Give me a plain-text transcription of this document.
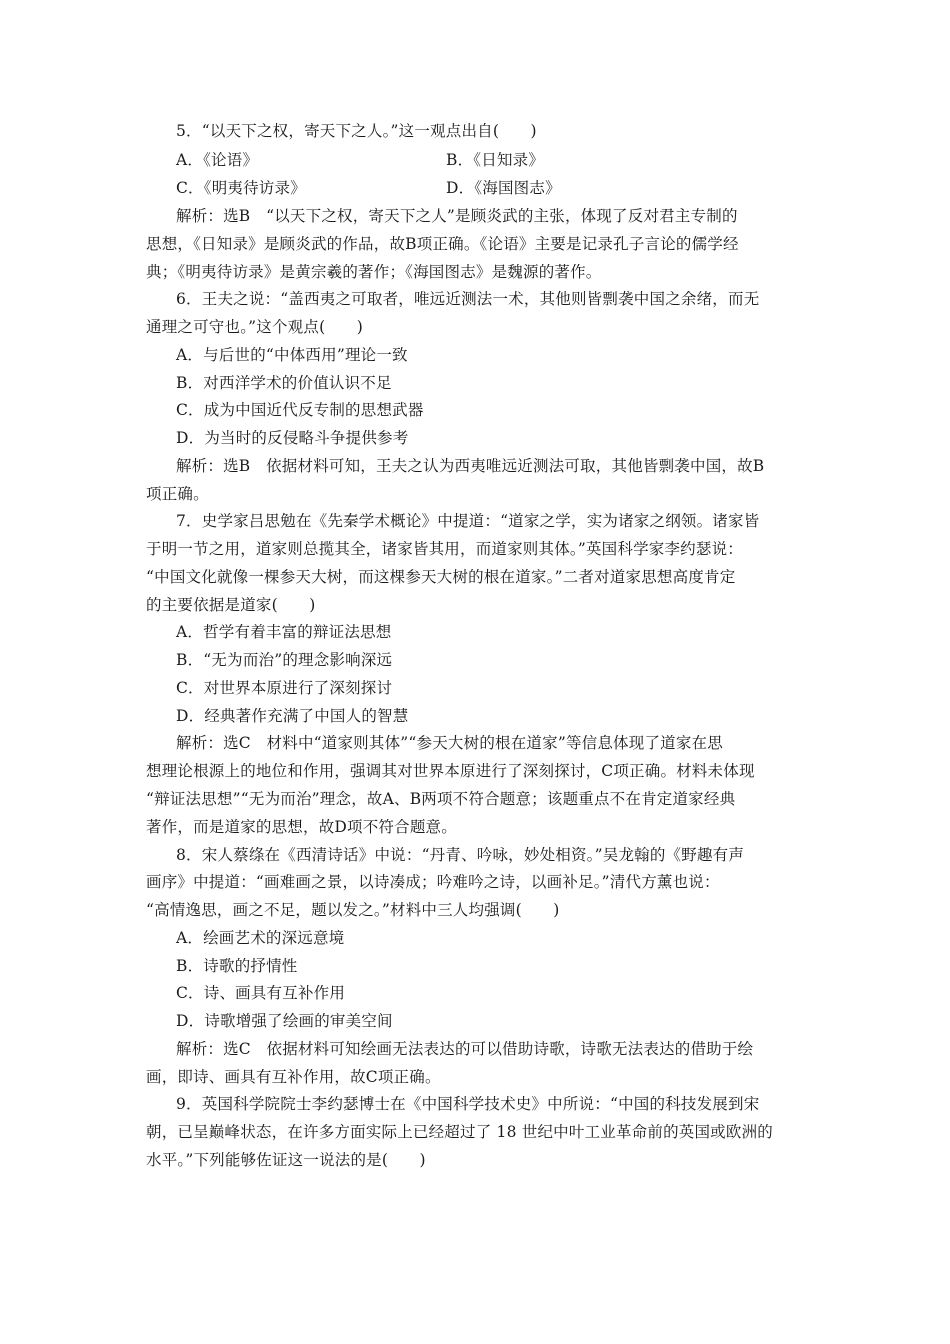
5．“以天下之权，寄天下之人。”这一观点出自(　　)
A．《论语》	B．《日知录》
C．《明夷待访录》	D．《海国图志》
解析：选B　“以天下之权，寄天下之人”是顾炎武的主张，体现了反对君主专制的
思想，《日知录》是顾炎武的作品，故B项正确。《论语》主要是记录孔子言论的儒学经
典；《明夷待访录》是黄宗羲的著作；《海国图志》是魏源的著作。
6．王夫之说：“盖西夷之可取者，唯远近测法一术，其他则皆剽袭中国之余绪，而无
通理之可守也。”这个观点(　　)
A．与后世的“中体西用”理论一致
B．对西洋学术的价值认识不足
C．成为中国近代反专制的思想武器
D．为当时的反侵略斗争提供参考
解析：选B　依据材料可知，王夫之认为西夷唯远近测法可取，其他皆剽袭中国，故B
项正确。
7．史学家吕思勉在《先秦学术概论》中提道：“道家之学，实为诸家之纲领。诸家皆
于明一节之用，道家则总揽其全，诸家皆其用，而道家则其体。”英国科学家李约瑟说：
“中国文化就像一棵参天大树，而这棵参天大树的根在道家。”二者对道家思想高度肯定
的主要依据是道家(　　)
A．哲学有着丰富的辩证法思想
B．“无为而治”的理念影响深远
C．对世界本原进行了深刻探讨
D．经典著作充满了中国人的智慧
解析：选C　材料中“道家则其体”“参天大树的根在道家”等信息体现了道家在思
想理论根源上的地位和作用，强调其对世界本原进行了深刻探讨，C项正确。材料未体现
“辩证法思想”“无为而治”理念，故A、B两项不符合题意；该题重点不在肯定道家经典
著作，而是道家的思想，故D项不符合题意。
8．宋人蔡绦在《西清诗话》中说：“丹青、吟咏，妙处相资。”吴龙翰的《野趣有声
画序》中提道：“画难画之景，以诗凑成；吟难吟之诗，以画补足。”清代方薰也说：
“高情逸思，画之不足，题以发之。”材料中三人均强调(　　)
A．绘画艺术的深远意境
B．诗歌的抒情性
C．诗、画具有互补作用
D．诗歌增强了绘画的审美空间
解析：选C　依据材料可知绘画无法表达的可以借助诗歌，诗歌无法表达的借助于绘
画，即诗、画具有互补作用，故C项正确。
9．英国科学院院士李约瑟博士在《中国科学技术史》中所说：“中国的科技发展到宋
朝，已呈巅峰状态，在许多方面实际上已经超过了 18 世纪中叶工业革命前的英国或欧洲的
水平。”下列能够佐证这一说法的是(　　)
